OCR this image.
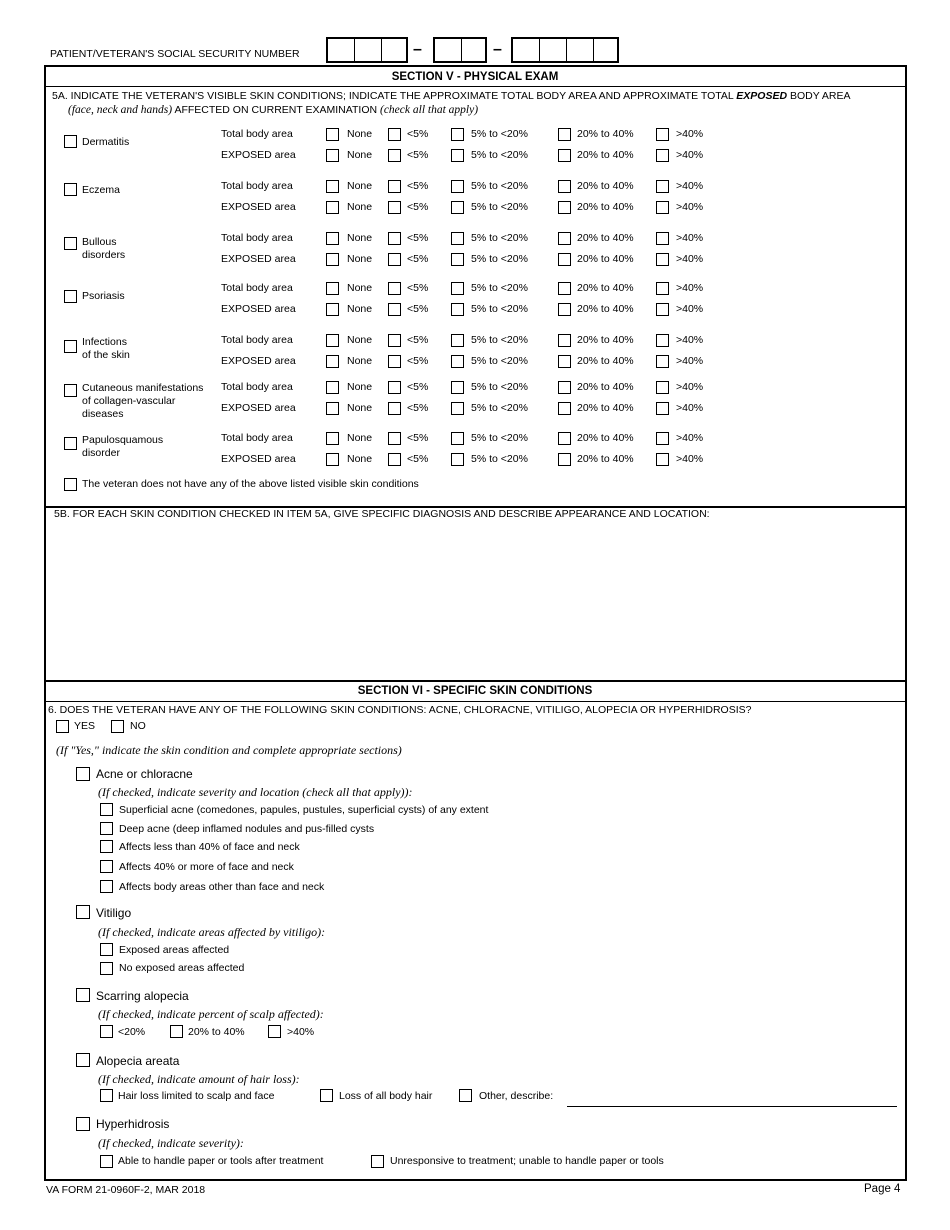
PATIENT/VETERAN'S SOCIAL SECURITY NUMBER	–	–
SECTION V - PHYSICAL EXAM
5A. INDICATE THE VETERAN'S VISIBLE SKIN CONDITIONS; INDICATE THE APPROXIMATE TOTAL BODY AREA AND APPROXIMATE TOTAL EXPOSED BODY AREA
(face, neck and hands) AFFECTED ON CURRENT EXAMINATION (check all that apply)
Dermatitis
Total body area	None	<5%	5% to <20%	20% to 40%	>40%
EXPOSED area	None	<5%	5% to <20%	20% to 40%	>40%
Eczema	Total body area	None	<5%	5% to <20%	20% to 40%	>40%
EXPOSED area	None	<5%	5% to <20%	20% to 40%	>40%
Bullous
disorders
Total body area	None	<5%	5% to <20%	20% to 40%	>40%
EXPOSED area	None	<5%	5% to <20%	20% to 40%	>40%
Psoriasis
Total body area	None	<5%	5% to <20%	20% to 40%	>40%
EXPOSED area	None	<5%	5% to <20%	20% to 40%	>40%
Infections
of the skin
Total body area	None	<5%	5% to <20%	20% to 40%	>40%
EXPOSED area	None	<5%	5% to <20%	20% to 40%	>40%
Cutaneous manifestations
of collagen-vascular
diseases
Total body area	None	<5%	5% to <20%	20% to 40%	>40%
EXPOSED area	None	<5%	5% to <20%	20% to 40%	>40%
Papulosquamous
disorder
Total body area	None	<5%	5% to <20%	20% to 40%	>40%
EXPOSED area	None	<5%	5% to <20%	20% to 40%	>40%
The veteran does not have any of the above listed visible skin conditions
5B. FOR EACH SKIN CONDITION CHECKED IN ITEM 5A, GIVE SPECIFIC DIAGNOSIS AND DESCRIBE APPEARANCE AND LOCATION:
SECTION VI - SPECIFIC SKIN CONDITIONS
6. DOES THE VETERAN HAVE ANY OF THE FOLLOWING SKIN CONDITIONS: ACNE, CHLORACNE, VITILIGO, ALOPECIA OR HYPERHIDROSIS?
YES	NO
(If "Yes," indicate the skin condition and complete appropriate sections)
Acne or chloracne
(If checked, indicate severity and location (check all that apply)):
Superficial acne (comedones, papules, pustules, superficial cysts) of any extent
Deep acne (deep inflamed nodules and pus-filled cysts
Affects less than 40% of face and neck
Affects 40% or more of face and neck
Affects body areas other than face and neck
Vitiligo
(If checked, indicate areas affected by vitiligo):
Exposed areas affected
No exposed areas affected
Scarring alopecia
(If checked, indicate percent of scalp affected):
<20%	20% to 40%	>40%
Alopecia areata
(If checked, indicate amount of hair loss):
Hair loss limited to scalp and face	Loss of all body hair	Other, describe:
Hyperhidrosis
(If checked, indicate severity):
Able to handle paper or tools after treatment	Unresponsive to treatment; unable to handle paper or tools
VA FORM 21-0960F-2, MAR 2018	Page 4
